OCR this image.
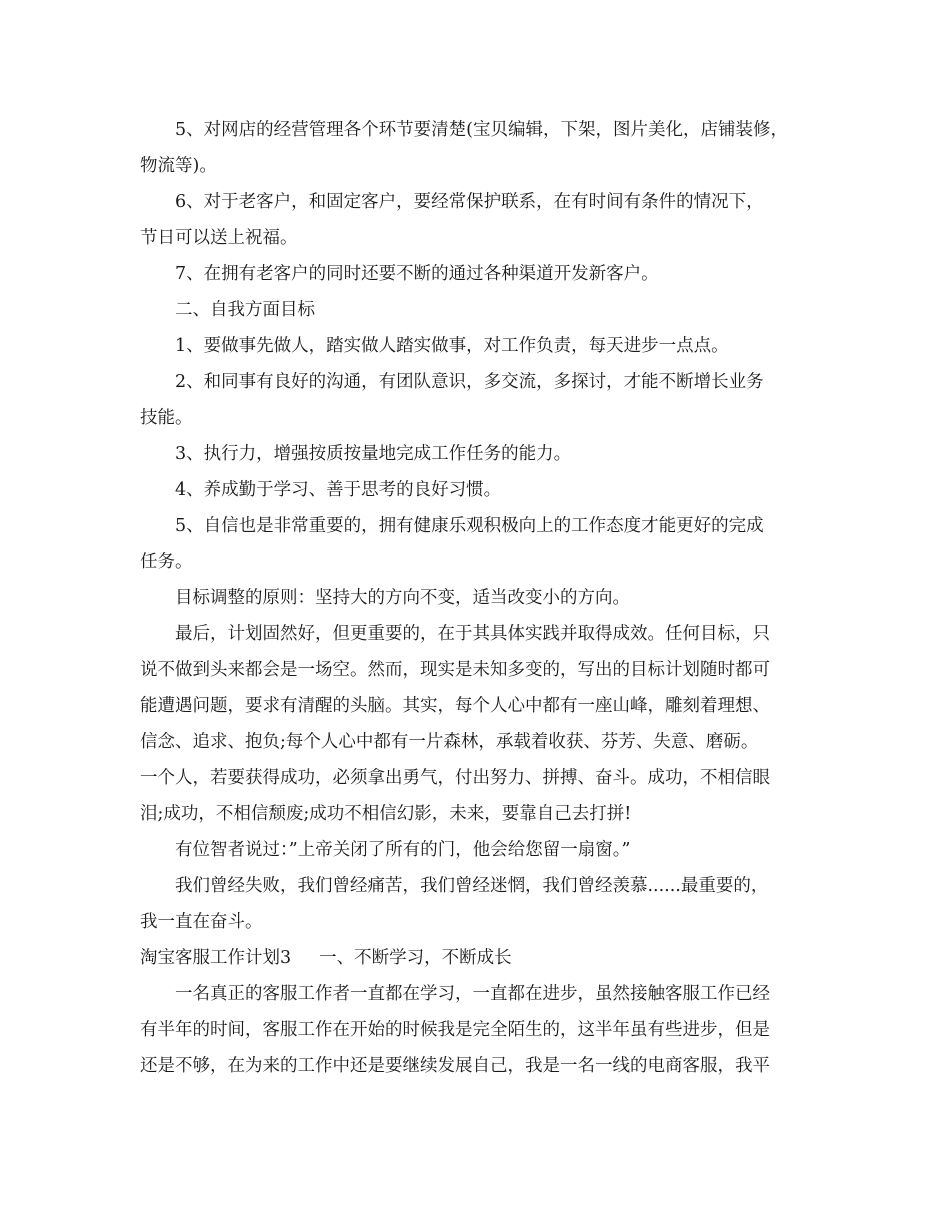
5、对网店的经营管理各个环节要清楚(宝贝编辑，下架，图片美化，店铺装修，
物流等)。

6、对于老客户，和固定客户，要经常保护联系，在有时间有条件的情况下，
节日可以送上祝福。

7、在拥有老客户的同时还要不断的通过各种渠道开发新客户。

二、自我方面目标

1、要做事先做人，踏实做人踏实做事，对工作负责，每天进步一点点。

2、和同事有良好的沟通，有团队意识，多交流，多探讨，才能不断增长业务
技能。

3、执行力，增强按质按量地完成工作任务的能力。

4、养成勤于学习、善于思考的良好习惯。

5、自信也是非常重要的，拥有健康乐观积极向上的工作态度才能更好的完成
任务。

目标调整的原则：坚持大的方向不变，适当改变小的方向。

最后，计划固然好，但更重要的，在于其具体实践并取得成效。任何目标，只
说不做到头来都会是一场空。然而，现实是未知多变的，写出的目标计划随时都可
能遭遇问题，要求有清醒的头脑。其实，每个人心中都有一座山峰，雕刻着理想、
信念、追求、抱负;每个人心中都有一片森林，承载着收获、芬芳、失意、磨砺。
一个人，若要获得成功，必须拿出勇气，付出努力、拼搏、奋斗。成功，不相信眼
泪;成功，不相信颓废;成功不相信幻影，未来，要靠自己去打拼!

有位智者说过：”上帝关闭了所有的门，他会给您留一扇窗。”

我们曾经失败，我们曾经痛苦，我们曾经迷惘，我们曾经羡慕......最重要的，
我一直在奋斗。

淘宝客服工作计划3 一、不断学习，不断成长

一名真正的客服工作者一直都在学习，一直都在进步，虽然接触客服工作已经
有半年的时间，客服工作在开始的时候我是完全陌生的，这半年虽有些进步，但是
还是不够，在为来的工作中还是要继续发展自己，我是一名一线的电商客服，我平
